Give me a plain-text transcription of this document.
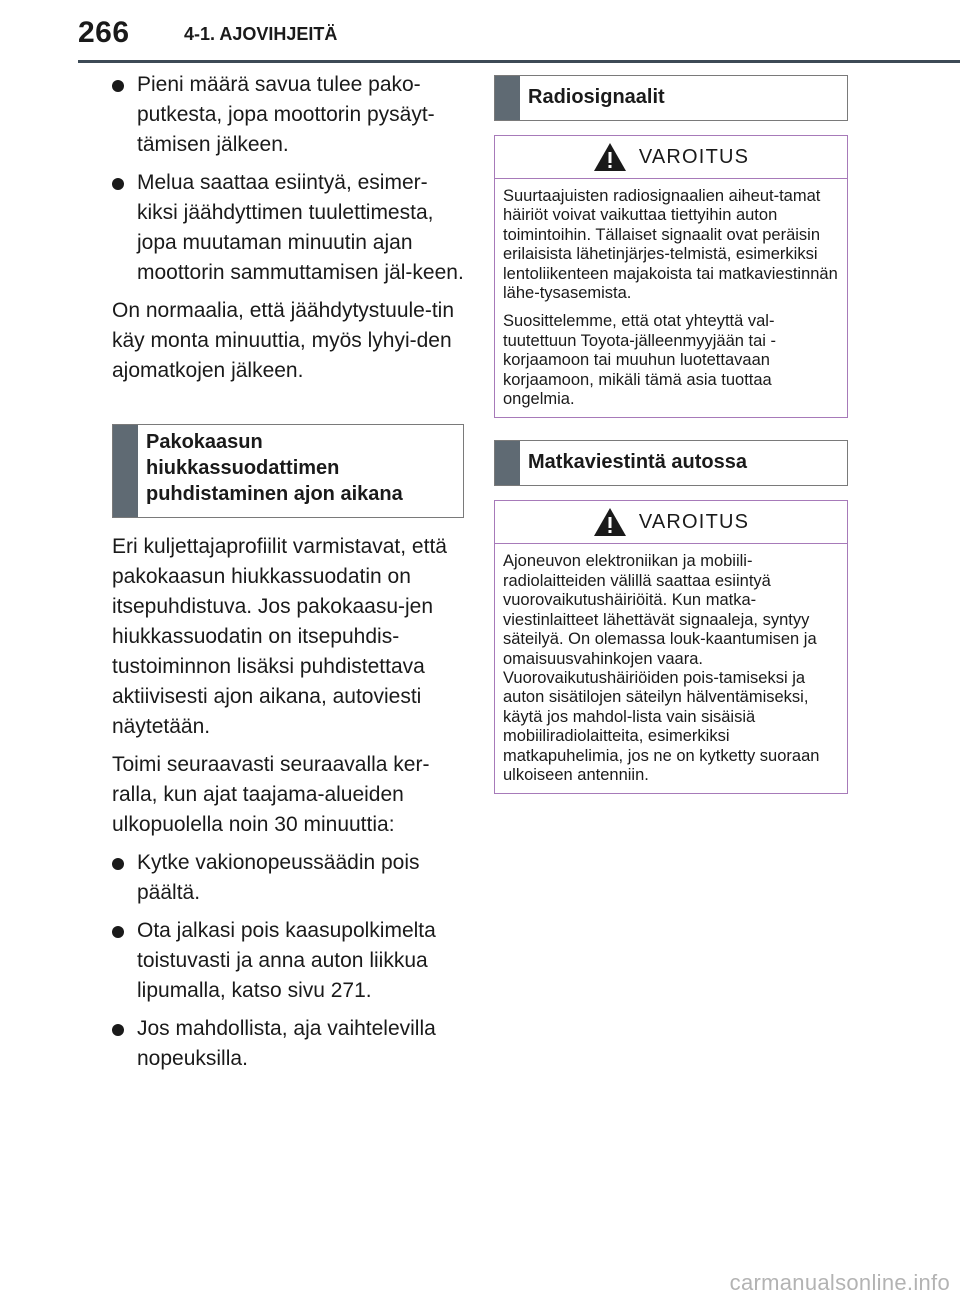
266	4-1. AJOVIHJEITÄ
Pieni määrä savua tulee pako-putkesta, jopa moottorin pysäyt-tämisen jälkeen.
Melua saattaa esiintyä, esimer-kiksi jäähdyttimen tuulettimesta, jopa muutaman minuutin ajan moottorin sammuttamisen jäl-keen.

On normaalia, että jäähdytystuule-tin käy monta minuuttia, myös lyhyi-den ajomatkojen jälkeen.

Pakokaasun hiukkassuodattimen puhdistaminen ajon aikana

Eri kuljettajaprofiilit varmistavat, että pakokaasun hiukkassuodatin on itsepuhdistuva. Jos pakokaasu-jen hiukkassuodatin on itsepuhdis-tustoiminnon lisäksi puhdistettava aktiivisesti ajon aikana, autoviesti näytetään.

Toimi seuraavasti seuraavalla ker-ralla, kun ajat taajama-alueiden ulkopuolella noin 30 minuuttia:

Kytke vakionopeussäädin pois päältä.
Ota jalkasi pois kaasupolkimelta toistuvasti ja anna auton liikkua lipumalla, katso sivu 271.
Jos mahdollista, aja vaihtelevilla nopeuksilla.
Radiosignaalit
VAROITUS

Suurtaajuisten radiosignaalien aiheut-tamat häiriöt voivat vaikuttaa tiettyihin auton toimintoihin. Tällaiset signaalit ovat peräisin erilaisista lähetinjärjes-telmistä, esimerkiksi lentoliikenteen majakoista tai matkaviestinnän lähe-tysasemista.

Suosittelemme, että otat yhteyttä val-tuutettuun Toyota-jälleenmyyjään tai -korjaamoon tai muuhun luotettavaan korjaamoon, mikäli tämä asia tuottaa ongelmia.

Matkaviestintä autossa
VAROITUS

Ajoneuvon elektroniikan ja mobiili-radiolaitteiden välillä saattaa esiintyä vuorovaikutushäiriöitä. Kun matka-viestinlaitteet lähettävät signaaleja, syntyy säteilyä. On olemassa louk-kaantumisen ja omaisuusvahinkojen vaara. Vuorovaikutushäiriöiden pois-tamiseksi ja auton sisätilojen säteilyn hälventämiseksi, käytä jos mahdol-lista vain sisäisiä mobiiliradiolaitteita, esimerkiksi matkapuhelimia, jos ne on kytketty suoraan ulkoiseen antenniin.

carmanualsonline.info
